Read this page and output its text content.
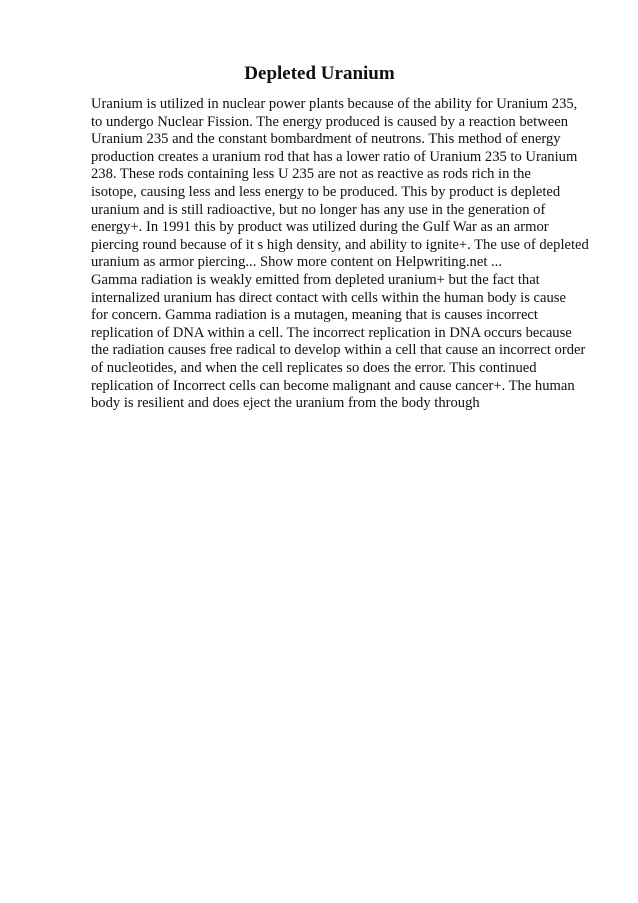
Depleted Uranium
Uranium is utilized in nuclear power plants because of the ability for Uranium 235,
to undergo Nuclear Fission. The energy produced is caused by a reaction between
Uranium 235 and the constant bombardment of neutrons. This method of energy
production creates a uranium rod that has a lower ratio of Uranium 235 to Uranium
238. These rods containing less U 235 are not as reactive as rods rich in the
isotope, causing less and less energy to be produced. This by product is depleted
uranium and is still radioactive, but no longer has any use in the generation of
energy+. In 1991 this by product was utilized during the Gulf War as an armor
piercing round because of it s high density, and ability to ignite+. The use of depleted
uranium as armor piercing... Show more content on Helpwriting.net ...
Gamma radiation is weakly emitted from depleted uranium+ but the fact that
internalized uranium has direct contact with cells within the human body is cause
for concern. Gamma radiation is a mutagen, meaning that is causes incorrect
replication of DNA within a cell. The incorrect replication in DNA occurs because
the radiation causes free radical to develop within a cell that cause an incorrect order
of nucleotides, and when the cell replicates so does the error. This continued
replication of Incorrect cells can become malignant and cause cancer+. The human
body is resilient and does eject the uranium from the body through
